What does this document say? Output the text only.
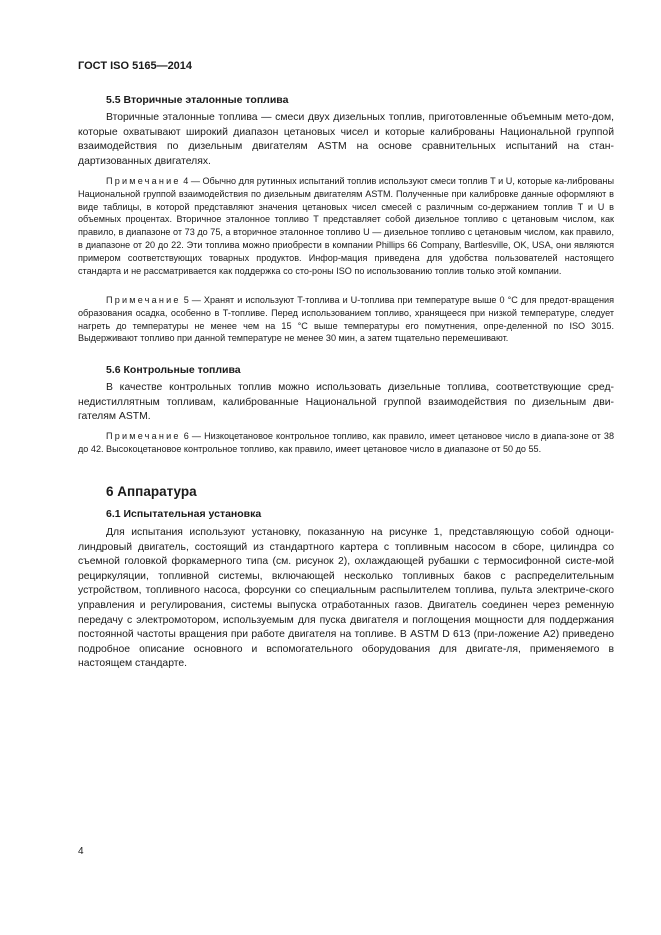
ГОСТ ISO 5165—2014
5.5 Вторичные эталонные топлива

Вторичные эталонные топлива — смеси двух дизельных топлив, приготовленные объемным мето-дом, которые охватывают широкий диапазон цетановых чисел и которые калиброваны Национальной группой взаимодействия по дизельным двигателям ASTM на основе сравнительных испытаний на стан-дартизованных двигателях.

Примечание 4 — Обычно для рутинных испытаний топлив используют смеси топлив T и U, которые ка-либрованы Национальной группой взаимодействия по дизельным двигателям ASTM. Полученные при калибровке данные оформляют в виде таблицы, в которой представляют значения цетановых чисел смесей с различным со-держанием топлив T и U в объемных процентах. Вторичное эталонное топливо T представляет собой дизельное топливо с цетановым числом, как правило, в диапазоне от 73 до 75, а вторичное эталонное топливо U — дизельное топливо с цетановым числом, как правило, в диапазоне от 20 до 22. Эти топлива можно приобрести в компании Phillips 66 Company, Bartlesville, OK, USA, они являются примером соответствующих товарных продуктов. Инфор-мация приведена для удобства пользователей настоящего стандарта и не рассматривается как поддержка со сто-роны ISO по использованию топлив только этой компании.

Примечание 5 — Хранят и используют T-топлива и U-топлива при температуре выше 0 °C для предот-вращения образования осадка, особенно в T-топливе. Перед использованием топливо, хранящееся при низкой температуре, следует нагреть до температуры не менее чем на 15 °C выше температуры его помутнения, опре-деленной по ISO 3015. Выдерживают топливо при данной температуре не менее 30 мин, а затем тщательно перемешивают.

5.6 Контрольные топлива

В качестве контрольных топлив можно использовать дизельные топлива, соответствующие сред-недистиллятным топливам, калиброванные Национальной группой взаимодействия по дизельным дви-гателям ASTM.

Примечание 6 — Низкоцетановое контрольное топливо, как правило, имеет цетановое число в диапа-зоне от 38 до 42. Высокоцетановое контрольное топливо, как правило, имеет цетановое число в диапазоне от 50 до 55.

6 Аппаратура
6.1 Испытательная установка

Для испытания используют установку, показанную на рисунке 1, представляющую собой одноци-линдровый двигатель, состоящий из стандартного картера с топливным насосом в сборе, цилиндра со съемной головкой форкамерного типа (см. рисунок 2), охлаждающей рубашки с термосифонной систе-мой рециркуляции, топливной системы, включающей несколько топливных баков с распределительным устройством, топливного насоса, форсунки со специальным распылителем топлива, пульта электриче-ского управления и регулирования, системы выпуска отработанных газов. Двигатель соединен через ременную передачу с электромотором, используемым для пуска двигателя и поглощения мощности для поддержания постоянной частоты вращения при работе двигателя на топливе. В ASTM D 613 (при-ложение А2) приведено подробное описание основного и вспомогательного оборудования для двигате-ля, применяемого в настоящем стандарте.

4
